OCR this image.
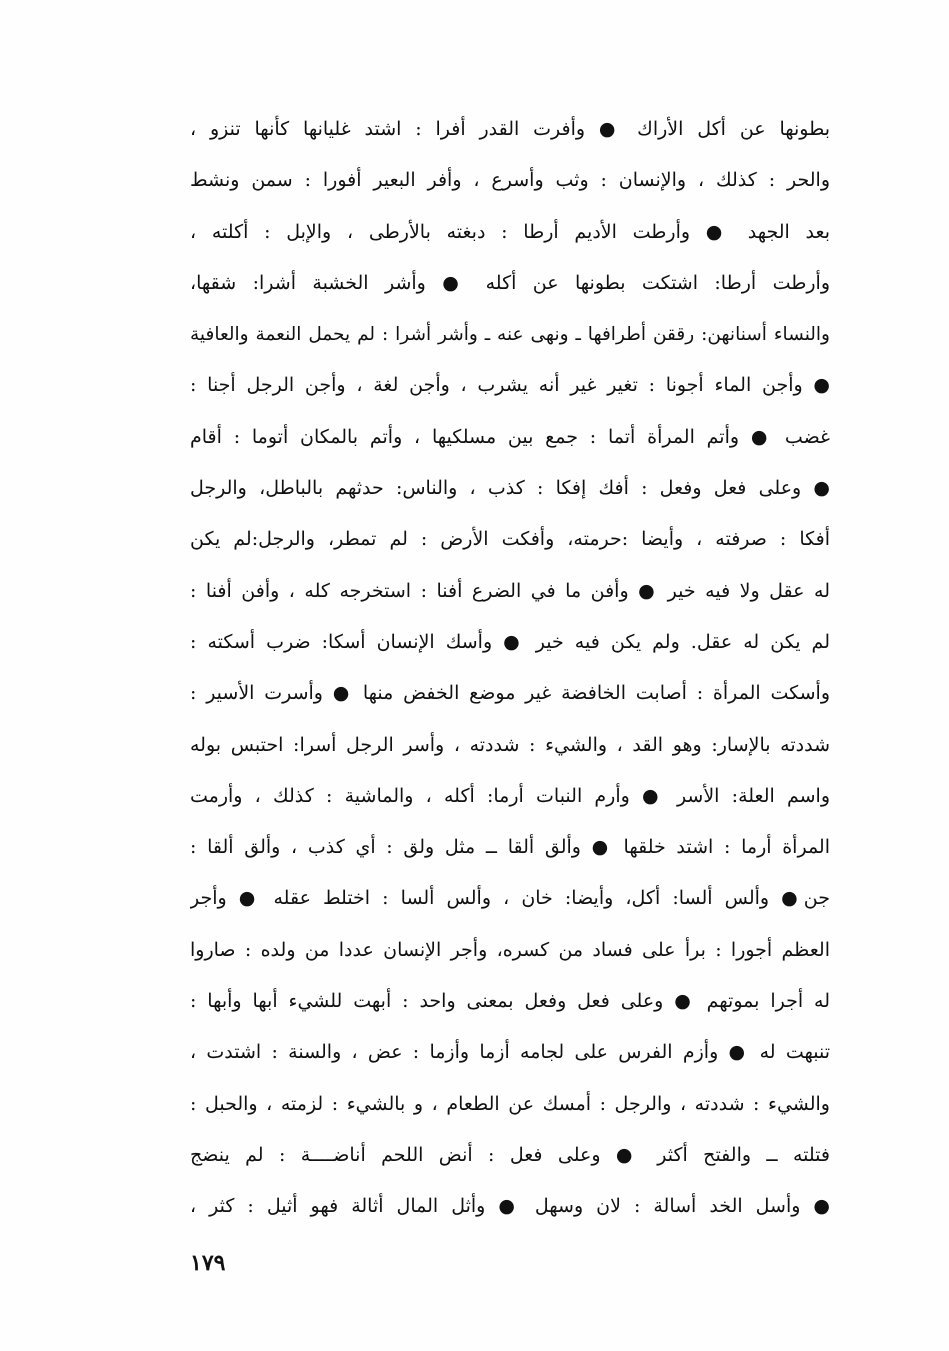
بطونها عن أكل الأراك ● وأفرت القدر أفرا : اشتد غليانها كأنها تنزو ،
والحر : كذلك ، والإنسان : وثب وأسرع ، وأفر البعير أفورا : سمن ونشط
بعد الجهد ● وأرطت الأديم أرطا : دبغته بالأرطى ، والإبل : أكلته ،
وأرطت أرطا: اشتكت بطونها عن أكله ● وأشر الخشبة أشرا: شقها،
والنساء أسنانهن: رققن أطرافها ـ ونهى عنه ـ وأشر أشرا : لم يحمل النعمة والعافية
● وأجن الماء أجونا : تغير غير أنه يشرب ، وأجن لغة ، وأجن الرجل أجنا :
غضب ● وأتم المرأة أتما : جمع بين مسلكيها ، وأتم بالمكان أتوما : أقام
● وعلى فعل وفعل : أفك إفكا : كذب ، والناس: حدثهم بالباطل، والرجل
أفكا : صرفته ، وأيضا :حرمته، وأفكت الأرض : لم تمطر، والرجل:لم يكن
له عقل ولا فيه خير ● وأفن ما في الضرع أفنا : استخرجه كله ، وأفن أفنا :
لم يكن له عقل. ولم يكن فيه خير ● وأسك الإنسان أسكا: ضرب أسكته :
وأسكت المرأة : أصابت الخافضة غير موضع الخفض منها ● وأسرت الأسير :
شددته بالإسار: وهو القد ، والشيء : شددته ، وأسر الرجل أسرا: احتبس بوله
واسم العلة: الأسر ● وأرم النبات أرما: أكله ، والماشية : كذلك ، وأرمت
المرأة أرما : اشتد خلقها ● وألق ألقا ــ مثل ولق : أي كذب ، وألق ألقا :
جن● وألس ألسا: أكل، وأيضا: خان ، وألس ألسا : اختلط عقله ● وأجر
العظم أجورا : برأ على فساد من كسره، وأجر الإنسان عددا من ولده : صاروا
له أجرا بموتهم ● وعلى فعل وفعل بمعنى واحد : أبهت للشيء أبها وأبها :
تنبهت له ● وأزم الفرس على لجامه أزما وأزما : عض ، والسنة : اشتدت ،
والشيء : شددته ، والرجل : أمسك عن الطعام ، و بالشيء : لزمته ، والحبل :
فتلته ــ والفتح أكثر ● وعلى فعل : أنض اللحم أناضــــة : لم ينضج
● وأسل الخد أسالة : لان وسهل ● وأثل المال أثالة فهو أثيل : كثر ،
١٧٩
